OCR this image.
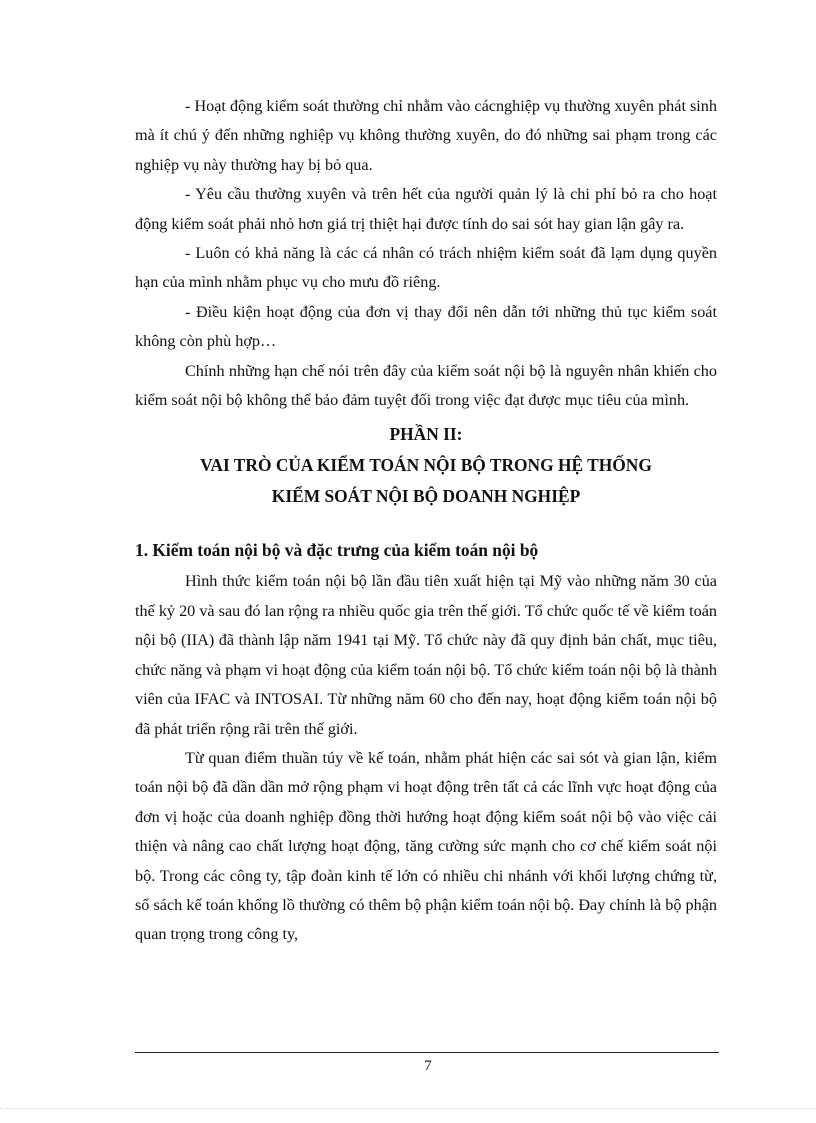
- Hoạt động kiểm soát thường chỉ nhằm vào cácnghiệp vụ thường xuyên phát sinh mà ít chú ý đến những nghiệp vụ không thường xuyên, do đó những sai phạm trong các nghiệp vụ này thường hay bị bỏ qua.

- Yêu cầu thường xuyên và trên hết của người quản lý là chi phí bỏ ra cho hoạt động kiểm soát phải nhỏ hơn giá trị thiệt hại được tính do sai sót hay gian lận gây ra.

- Luôn có khả năng là các cá nhân có trách nhiệm kiểm soát đã lạm dụng quyền hạn của mình nhằm phục vụ cho mưu đồ riêng.

- Điều kiện hoạt động của đơn vị thay đổi nên dẫn tới những thủ tục kiểm soát không còn phù hợp…

Chính những hạn chế nói trên đây của kiểm soát nội bộ là nguyên nhân khiến cho kiểm soát nội bộ không thể bảo đảm tuyệt đối trong việc đạt được mục tiêu của mình.

PHẦN II:
VAI TRÒ CỦA KIỂM TOÁN NỘI BỘ TRONG HỆ THỐNG
KIỂM SOÁT NỘI BỘ DOANH NGHIỆP
1. Kiểm toán nội bộ và đặc trưng của kiểm toán nội bộ

Hình thức kiểm toán nội bộ lần đầu tiên xuất hiện tại Mỹ vào những năm 30 của thế kỷ 20 và sau đó lan rộng ra nhiều quốc gia trên thế giới. Tổ chức quốc tế về kiểm toán nội bộ (IIA) đã thành lập năm 1941 tại Mỹ. Tổ chức này đã quy định bản chất, mục tiêu, chức năng và phạm vi hoạt động của kiểm toán nội bộ. Tổ chức kiểm toán nội bộ là thành viên của IFAC và INTOSAI. Từ những năm 60 cho đến nay, hoạt động kiểm toán nội bộ đã phát triển rộng rãi trên thế giới.

Từ quan điểm thuần túy về kế toán, nhằm phát hiện các sai sót và gian lận, kiểm toán nội bộ đã dần dần mở rộng phạm vi hoạt động trên tất cả các lĩnh vực hoạt động của đơn vị hoặc của doanh nghiệp đồng thời hướng hoạt động kiểm soát nội bộ vào việc cải thiện và nâng cao chất lượng hoạt động, tăng cường sức mạnh cho cơ chế kiểm soát nội bộ. Trong các công ty, tập đoàn kinh tế lớn có nhiều chi nhánh với khối lượng chứng từ, sổ sách kế toán khổng lồ thường có thêm bộ phận kiểm toán nội bộ. Đay chính là bộ phận quan trọng trong công ty,

7
